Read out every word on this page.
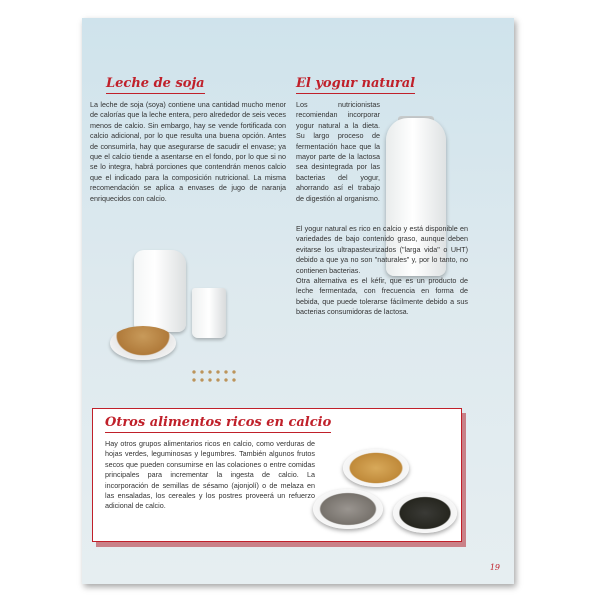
Leche de soja

La leche de soja (soya) contiene una cantidad mucho menor de calorías que la leche entera, pero alrededor de seis veces menos de calcio. Sin embargo, hay se vende fortificada con calcio adicional, por lo que resulta una buena opción. Antes de consumirla, hay que asegurarse de sacudir el envase; ya que el calcio tiende a asentarse en el fondo, por lo que si no se lo integra, habrá porciones que contendrán menos calcio que el indicado para la composición nutricional. La misma recomendación se aplica a envases de jugo de naranja enriquecidos con calcio.

El yogur natural

Los nutricionistas recomiendan incorporar yogur natural a la dieta. Su largo proceso de fermentación hace que la mayor parte de la lactosa sea desintegrada por las bacterias del yogur, ahorrando así el trabajo de digestión al organismo.

El yogur natural es rico en calcio y está disponible en variedades de bajo contenido graso, aunque deben evitarse los ultrapasteurizados ("larga vida" o UHT) debido a que ya no son "naturales" y, por lo tanto, no contienen bacterias.

Otra alternativa es el kéfir, que es un producto de leche fermentada, con frecuencia en forma de bebida, que puede tolerarse fácilmente debido a sus bacterias consumidoras de lactosa.

Otros alimentos ricos en calcio

Hay otros grupos alimentarios ricos en calcio, como verduras de hojas verdes, leguminosas y legumbres. También algunos frutos secos que pueden consumirse en las colaciones o entre comidas principales para incrementar la ingesta de calcio. La incorporación de semillas de sésamo (ajonjolí) o de melaza en las ensaladas, los cereales y los postres proveerá un refuerzo adicional de calcio.

19
